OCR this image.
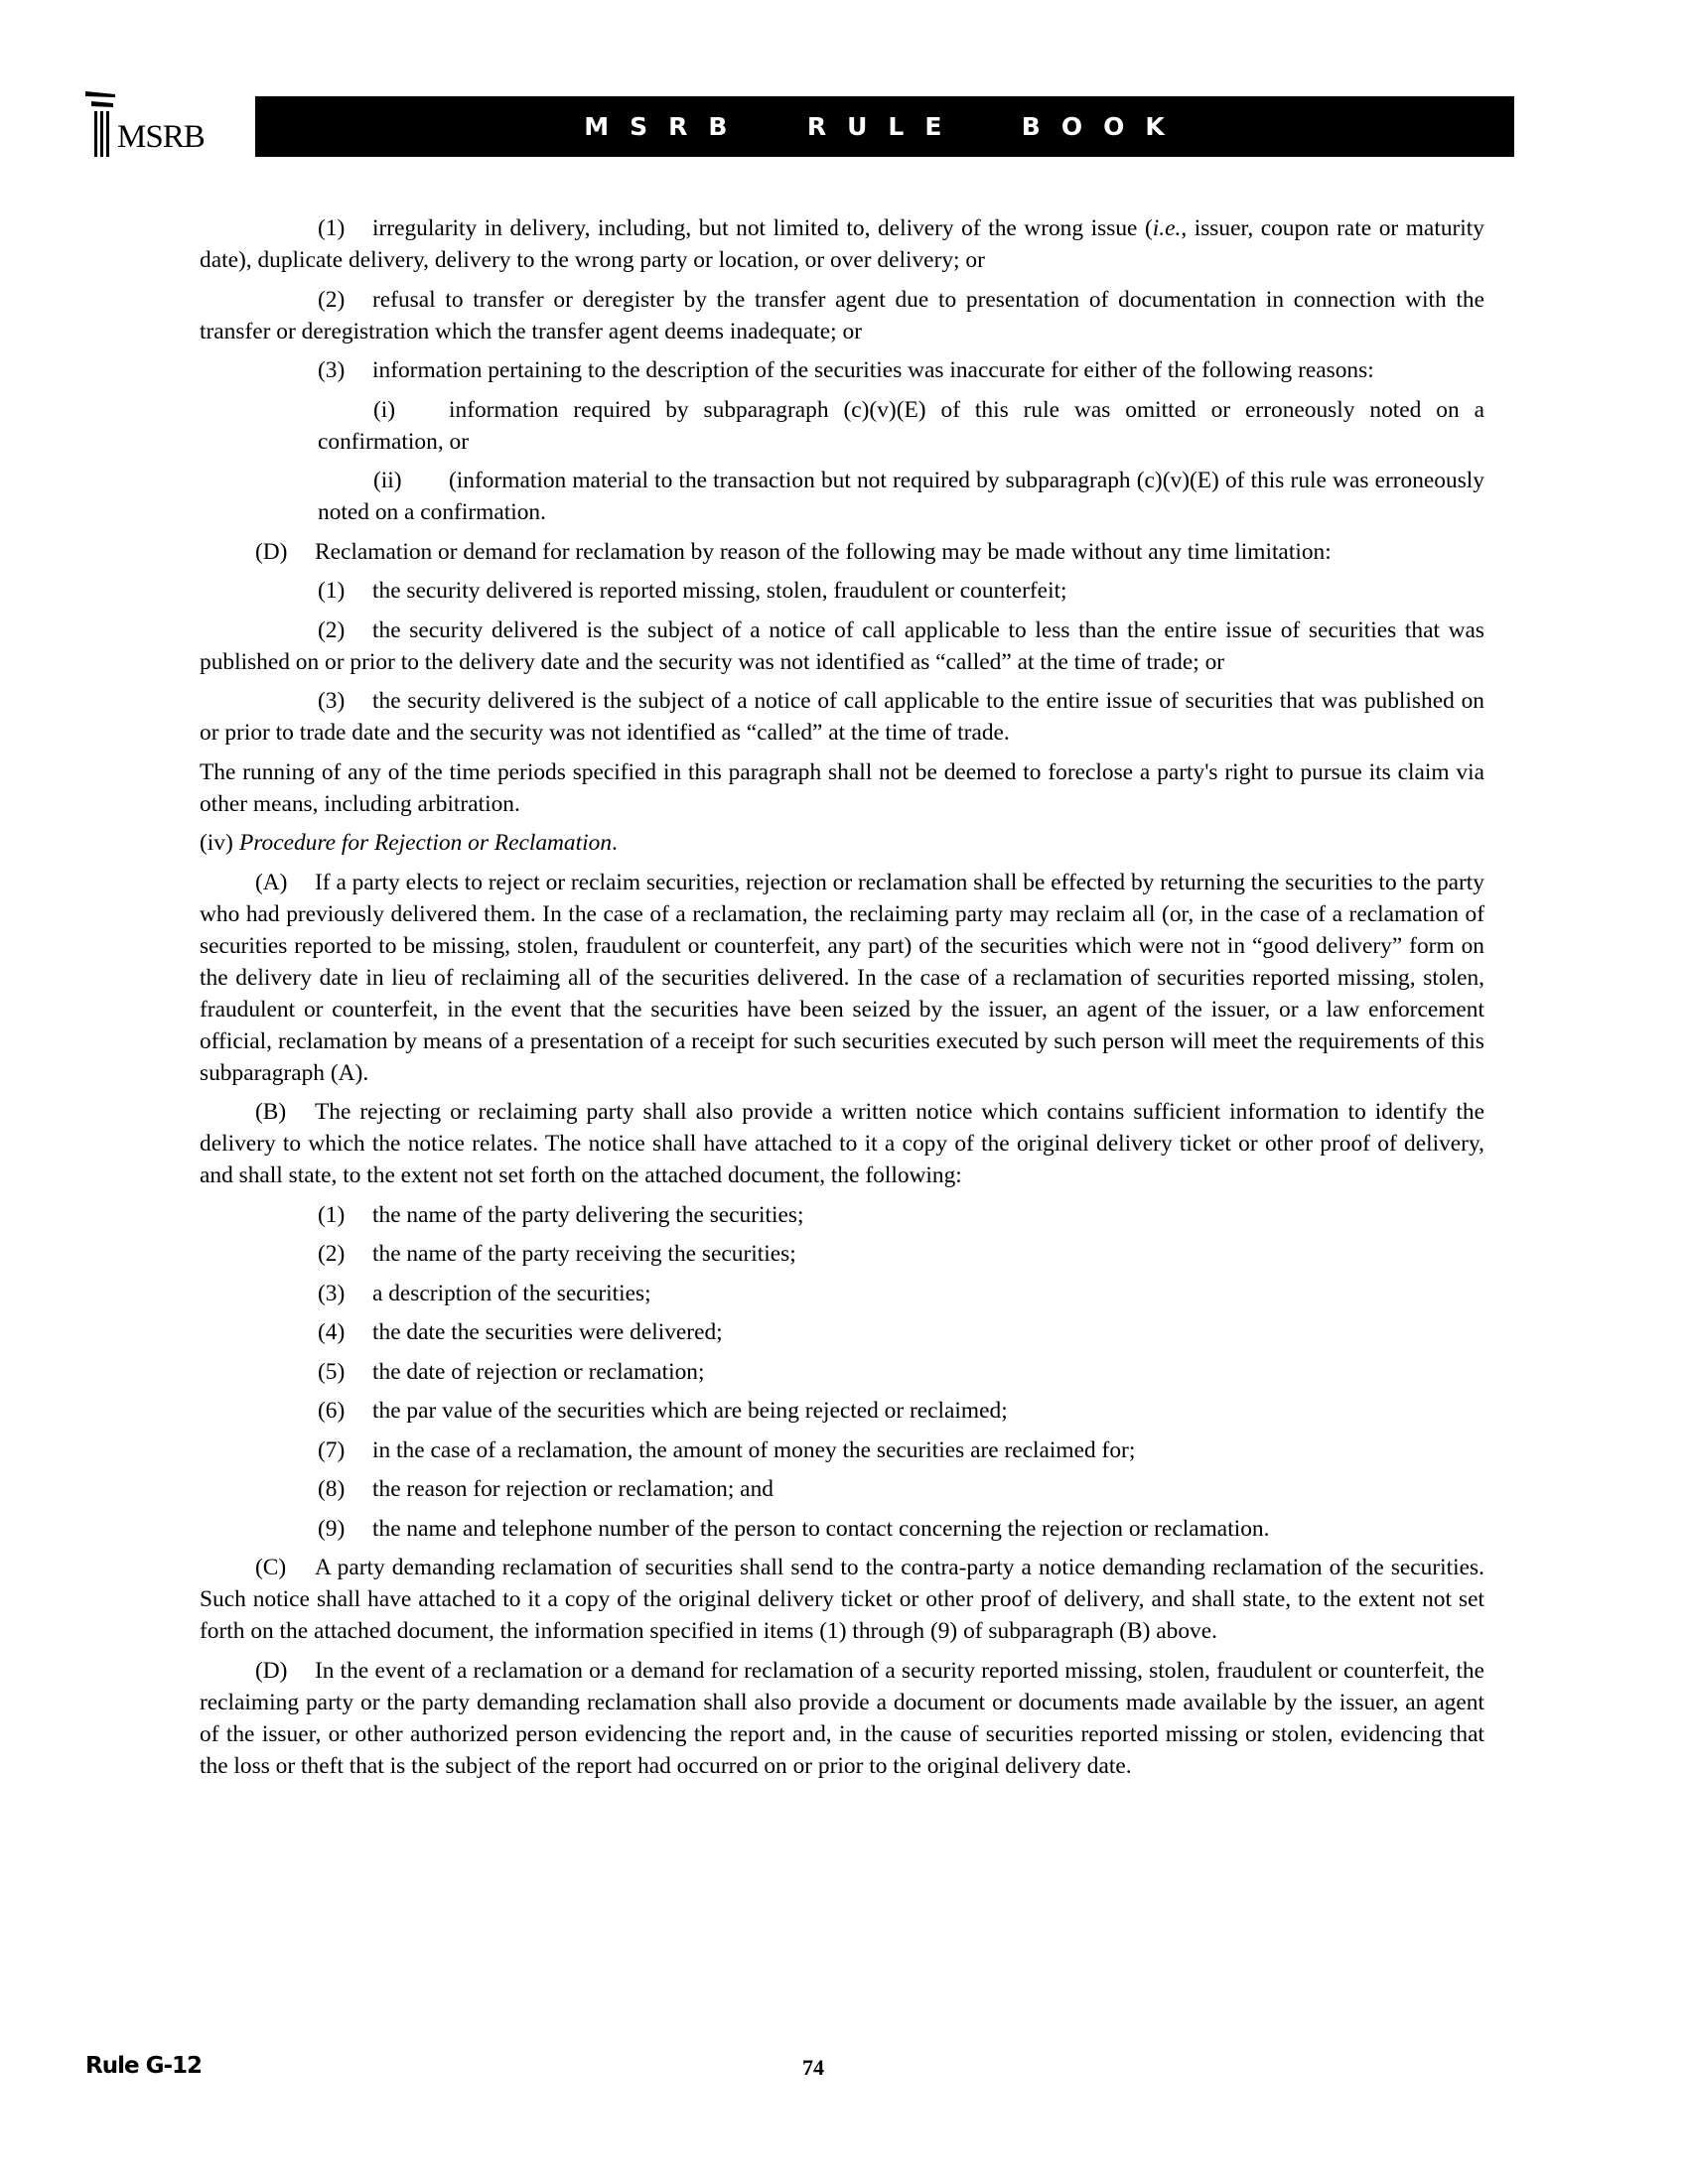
MSRB	MSRB  RULE  BOOK

(1) irregularity in delivery, including, but not limited to, delivery of the wrong issue (i.e., issuer, coupon rate or maturity date), duplicate delivery, delivery to the wrong party or location, or over delivery; or

(2) refusal to transfer or deregister by the transfer agent due to presentation of documentation in connection with the transfer or deregistration which the transfer agent deems inadequate; or

(3) information pertaining to the description of the securities was inaccurate for either of the following reasons:

(i) information required by subparagraph (c)(v)(E) of this rule was omitted or erroneously noted on a confirmation, or

(ii) (information material to the transaction but not required by subparagraph (c)(v)(E) of this rule was erroneously noted on a confirmation.

(D) Reclamation or demand for reclamation by reason of the following may be made without any time limitation:

(1) the security delivered is reported missing, stolen, fraudulent or counterfeit;

(2) the security delivered is the subject of a notice of call applicable to less than the entire issue of securities that was published on or prior to the delivery date and the security was not identified as “called” at the time of trade; or

(3) the security delivered is the subject of a notice of call applicable to the entire issue of securities that was published on or prior to trade date and the security was not identified as “called” at the time of trade.

The running of any of the time periods specified in this paragraph shall not be deemed to foreclose a party's right to pursue its claim via other means, including arbitration.

(iv) Procedure for Rejection or Reclamation.

(A) If a party elects to reject or reclaim securities, rejection or reclamation shall be effected by returning the securities to the party who had previously delivered them. In the case of a reclamation, the reclaiming party may reclaim all (or, in the case of a reclamation of securities reported to be missing, stolen, fraudulent or counterfeit, any part) of the securities which were not in “good delivery” form on the delivery date in lieu of reclaiming all of the securities delivered. In the case of a reclamation of securities reported missing, stolen, fraudulent or counterfeit, in the event that the securities have been seized by the issuer, an agent of the issuer, or a law enforcement official, reclamation by means of a presentation of a receipt for such securities executed by such person will meet the requirements of this subparagraph (A).

(B) The rejecting or reclaiming party shall also provide a written notice which contains sufficient information to identify the delivery to which the notice relates. The notice shall have attached to it a copy of the original delivery ticket or other proof of delivery, and shall state, to the extent not set forth on the attached document, the following:

(1) the name of the party delivering the securities;

(2) the name of the party receiving the securities;

(3) a description of the securities;

(4) the date the securities were delivered;

(5) the date of rejection or reclamation;

(6) the par value of the securities which are being rejected or reclaimed;

(7) in the case of a reclamation, the amount of money the securities are reclaimed for;

(8) the reason for rejection or reclamation; and

(9) the name and telephone number of the person to contact concerning the rejection or reclamation.

(C) A party demanding reclamation of securities shall send to the contra-party a notice demanding reclamation of the securities. Such notice shall have attached to it a copy of the original delivery ticket or other proof of delivery, and shall state, to the extent not set forth on the attached document, the information specified in items (1) through (9) of subparagraph (B) above.

(D) In the event of a reclamation or a demand for reclamation of a security reported missing, stolen, fraudulent or counterfeit, the reclaiming party or the party demanding reclamation shall also provide a document or documents made available by the issuer, an agent of the issuer, or other authorized person evidencing the report and, in the cause of securities reported missing or stolen, evidencing that the loss or theft that is the subject of the report had occurred on or prior to the original delivery date.

Rule G-12	74
